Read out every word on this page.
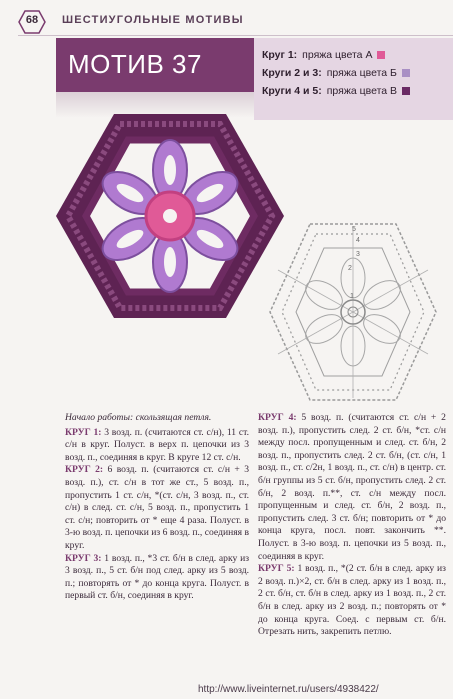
68	ШЕСТИУГОЛЬНЫЕ МОТИВЫ
МОТИВ 37	Круг 1: пряжа цвета А
Круги 2 и 3: пряжа цвета Б
Круги 4 и 5: пряжа цвета В
5
4
3
2
1

Начало работы: скользящая петля.

КРУГ 1: 3 возд. п. (считаются ст. с/н), 11 ст. с/н в круг. Полуст. в верх п. цепочки из 3 возд. п., соединяя в круг. В круге 12 ст. с/н.

КРУГ 2: 6 возд. п. (считаются ст. с/н + 3 возд. п.), ст. с/н в тот же ст., 5 возд. п., пропустить 1 ст. с/н, *(ст. с/н, 3 возд. п., ст. с/н) в след. ст. с/н, 5 возд. п., пропустить 1 ст. с/н; повторить от * еще 4 раза. Полуст. в 3-ю возд. п. цепочки из 6 возд. п., соединяя в круг.

КРУГ 3: 1 возд. п., *3 ст. б/н в след. арку из 3 возд. п., 5 ст. б/н под след. арку из 5 возд. п.; повторять от * до конца круга. Полуст. в первый ст. б/н, соединяя в круг.

КРУГ 4: 5 возд. п. (считаются ст. с/н + 2 возд. п.), пропустить след. 2 ст. б/н, *ст. с/н между посл. пропущенным и след. ст. б/н, 2 возд. п., пропустить след. 2 ст. б/н, (ст. с/н, 1 возд. п., ст. с/2н, 1 возд. п., ст. с/н) в центр. ст. б/н группы из 5 ст. б/н, пропустить след. 2 ст. б/н, 2 возд. п.**, ст. с/н между посл. пропущенным и след. ст. б/н, 2 возд. п., пропустить след. 3 ст. б/н; повторить от * до конца круга, посл. повт. закончить **. Полуст. в 3-ю возд. п. цепочки из 5 возд. п., соединяя в круг.

КРУГ 5: 1 возд. п., *(2 ст. б/н в след. арку из 2 возд. п.)×2, ст. б/н в след. арку из 1 возд. п., 2 ст. б/н, ст. б/н в след. арку из 1 возд. п., 2 ст. б/н в след. арку из 2 возд. п.; повторять от * до конца круга. Соед. с первым ст. б/н. Отрезать нить, закрепить петлю.

http://www.liveinternet.ru/users/4938422/
